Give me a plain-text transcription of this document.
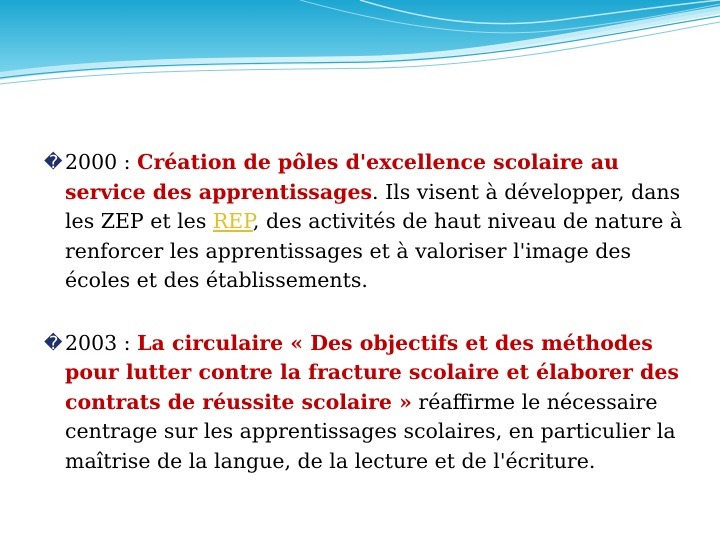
� 2000 : Création de pôles d'excellence scolaire au service des apprentissages. Ils visent à développer, dans les ZEP et les REP, des activités de haut niveau de nature à renforcer les apprentissages et à valoriser l'image des écoles et des établissements.

� 2003 : La circulaire « Des objectifs et des méthodes pour lutter contre la fracture scolaire et élaborer des contrats de réussite scolaire » réaffirme le nécessaire centrage sur les apprentissages scolaires, en particulier la maîtrise de la langue, de la lecture et de l'écriture.
